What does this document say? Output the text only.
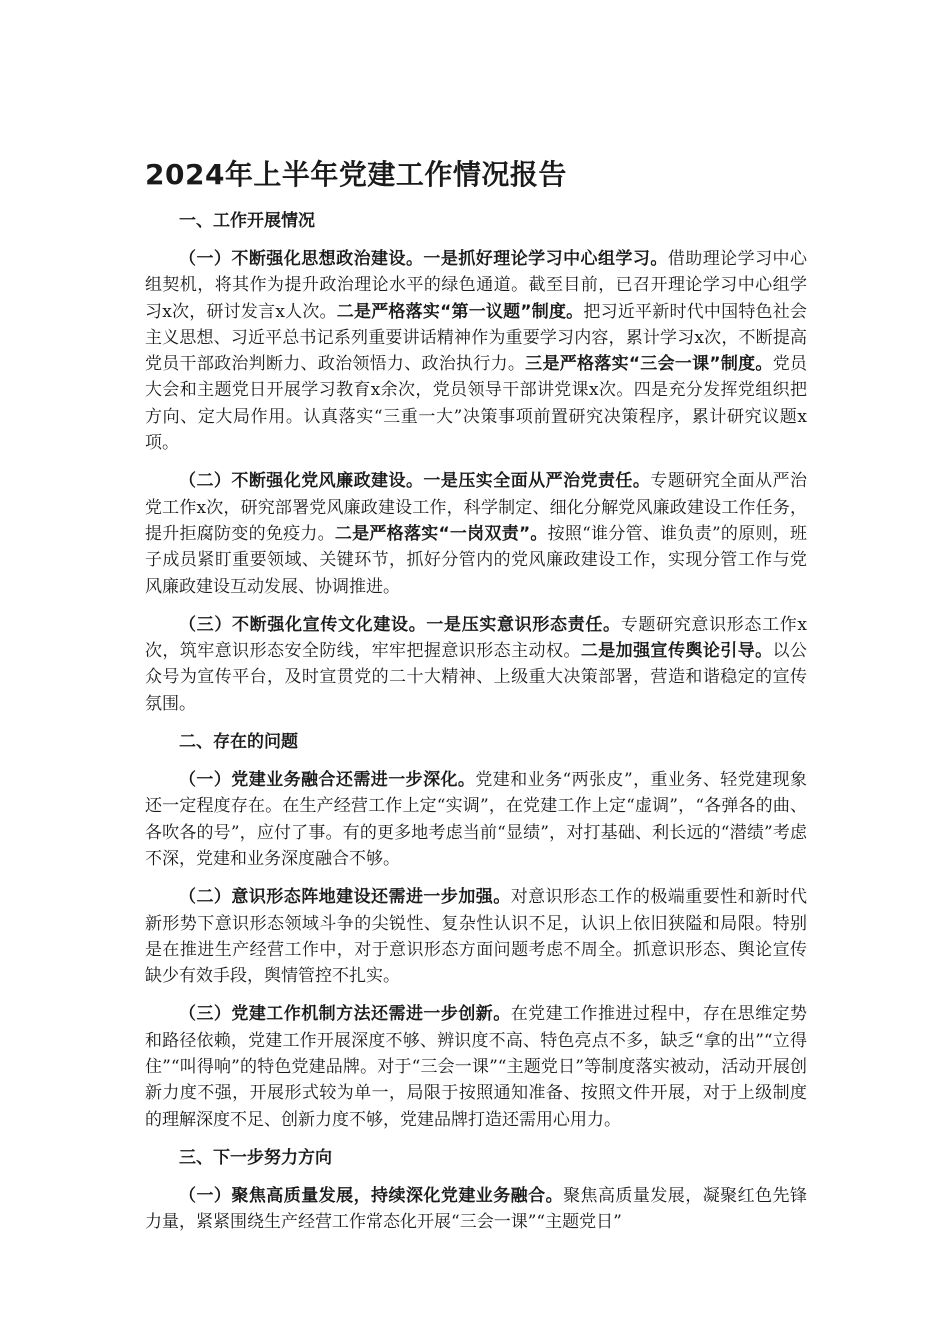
2024年上半年党建工作情况报告
一、工作开展情况

（一）不断强化思想政治建设。一是抓好理论学习中心组学习。借助理论学习中心组契机，将其作为提升政治理论水平的绿色通道。截至目前，已召开理论学习中心组学习x次，研讨发言x人次。二是严格落实“第一议题”制度。把习近平新时代中国特色社会主义思想、习近平总书记系列重要讲话精神作为重要学习内容，累计学习x次，不断提高党员干部政治判断力、政治领悟力、政治执行力。三是严格落实“三会一课”制度。党员大会和主题党日开展学习教育x余次，党员领导干部讲党课x次。四是充分发挥党组织把方向、定大局作用。认真落实“三重一大”决策事项前置研究决策程序，累计研究议题x项。

（二）不断强化党风廉政建设。一是压实全面从严治党责任。专题研究全面从严治党工作x次，研究部署党风廉政建设工作，科学制定、细化分解党风廉政建设工作任务，提升拒腐防变的免疫力。二是严格落实“一岗双责”。按照“谁分管、谁负责”的原则，班子成员紧盯重要领域、关键环节，抓好分管内的党风廉政建设工作，实现分管工作与党风廉政建设互动发展、协调推进。

（三）不断强化宣传文化建设。一是压实意识形态责任。专题研究意识形态工作x次，筑牢意识形态安全防线，牢牢把握意识形态主动权。二是加强宣传舆论引导。以公众号为宣传平台，及时宣贯党的二十大精神、上级重大决策部署，营造和谐稳定的宣传氛围。

二、存在的问题

（一）党建业务融合还需进一步深化。党建和业务“两张皮”，重业务、轻党建现象还一定程度存在。在生产经营工作上定“实调”，在党建工作上定“虚调”，“各弹各的曲、各吹各的号”，应付了事。有的更多地考虑当前“显绩”，对打基础、利长远的“潜绩”考虑不深，党建和业务深度融合不够。

（二）意识形态阵地建设还需进一步加强。对意识形态工作的极端重要性和新时代新形势下意识形态领域斗争的尖锐性、复杂性认识不足，认识上依旧狭隘和局限。特别是在推进生产经营工作中，对于意识形态方面问题考虑不周全。抓意识形态、舆论宣传缺少有效手段，舆情管控不扎实。

（三）党建工作机制方法还需进一步创新。在党建工作推进过程中，存在思维定势和路径依赖，党建工作开展深度不够、辨识度不高、特色亮点不多，缺乏“拿的出”“立得住”“叫得响”的特色党建品牌。对于“三会一课”“主题党日”等制度落实被动，活动开展创新力度不强，开展形式较为单一，局限于按照通知准备、按照文件开展，对于上级制度的理解深度不足、创新力度不够，党建品牌打造还需用心用力。

三、下一步努力方向

（一）聚焦高质量发展，持续深化党建业务融合。聚焦高质量发展，凝聚红色先锋力量，紧紧围绕生产经营工作常态化开展“三会一课”“主题党日”
